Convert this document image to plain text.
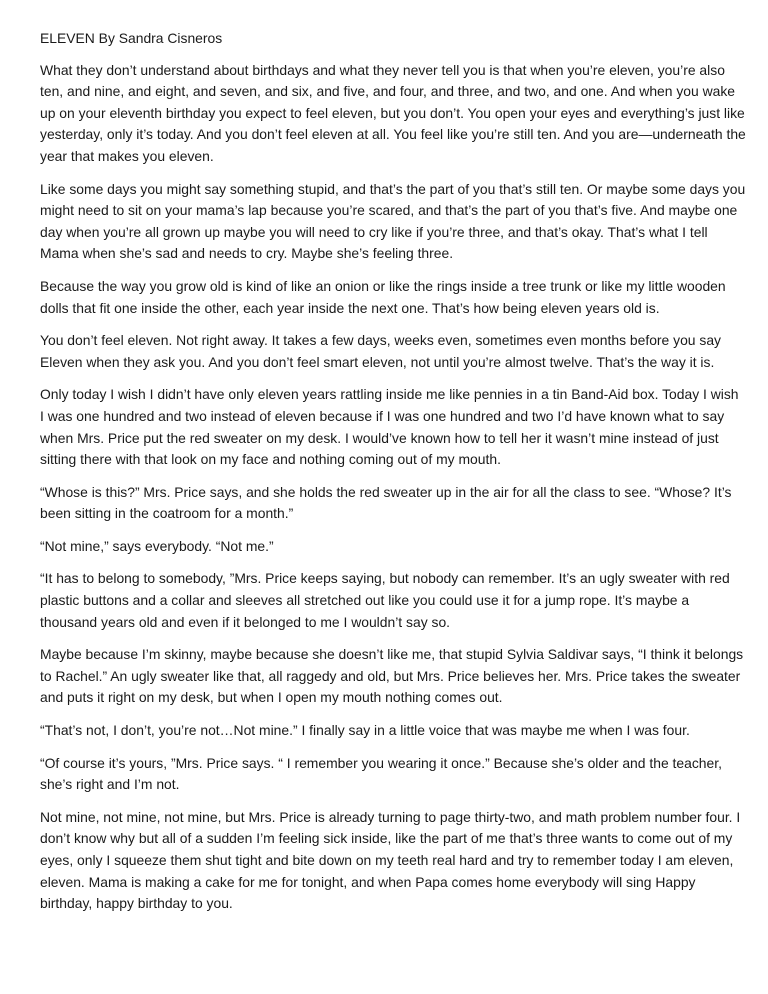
ELEVEN By Sandra Cisneros

What they don’t understand about birthdays and what they never tell you is that when you’re eleven, you’re also ten, and nine, and eight, and seven, and six, and five, and four, and three, and two, and one. And when you wake up on your eleventh birthday you expect to feel eleven, but you don’t. You open your eyes and everything’s just like yesterday, only it’s today. And you don’t feel eleven at all. You feel like you’re still ten. And you are—underneath the year that makes you eleven.

Like some days you might say something stupid, and that’s the part of you that’s still ten. Or maybe some days you might need to sit on your mama’s lap because you’re scared, and that’s the part of you that’s five. And maybe one day when you’re all grown up maybe you will need to cry like if you’re three, and that’s okay. That’s what I tell Mama when she’s sad and needs to cry. Maybe she’s feeling three.

Because the way you grow old is kind of like an onion or like the rings inside a tree trunk or like my little wooden dolls that fit one inside the other, each year inside the next one. That’s how being eleven years old is.

You don’t feel eleven. Not right away. It takes a few days, weeks even, sometimes even months before you say Eleven when they ask you. And you don’t feel smart eleven, not until you’re almost twelve. That’s the way it is.

Only today I wish I didn’t have only eleven years rattling inside me like pennies in a tin Band-Aid box. Today I wish I was one hundred and two instead of eleven because if I was one hundred and two I’d have known what to say when Mrs. Price put the red sweater on my desk. I would’ve known how to tell her it wasn’t mine instead of just sitting there with that look on my face and nothing coming out of my mouth.

“Whose is this?” Mrs. Price says, and she holds the red sweater up in the air for all the class to see. “Whose? It’s been sitting in the coatroom for a month.”

“Not mine,” says everybody. “Not me.”

“It has to belong to somebody, ”Mrs. Price keeps saying, but nobody can remember. It’s an ugly sweater with red plastic buttons and a collar and sleeves all stretched out like you could use it for a jump rope. It’s maybe a thousand years old and even if it belonged to me I wouldn’t say so.

Maybe because I’m skinny, maybe because she doesn’t like me, that stupid Sylvia Saldivar says, “I think it belongs to Rachel.” An ugly sweater like that, all raggedy and old, but Mrs. Price believes her. Mrs. Price takes the sweater and puts it right on my desk, but when I open my mouth nothing comes out.

“That’s not, I don’t, you’re not…Not mine.” I finally say in a little voice that was maybe me when I was four.

“Of course it’s yours, ”Mrs. Price says. “ I remember you wearing it once.” Because she’s older and the teacher, she’s right and I’m not.

Not mine, not mine, not mine, but Mrs. Price is already turning to page thirty-two, and math problem number four. I don’t know why but all of a sudden I’m feeling sick inside, like the part of me that’s three wants to come out of my eyes, only I squeeze them shut tight and bite down on my teeth real hard and try to remember today I am eleven, eleven. Mama is making a cake for me for tonight, and when Papa comes home everybody will sing Happy birthday, happy birthday to you.
